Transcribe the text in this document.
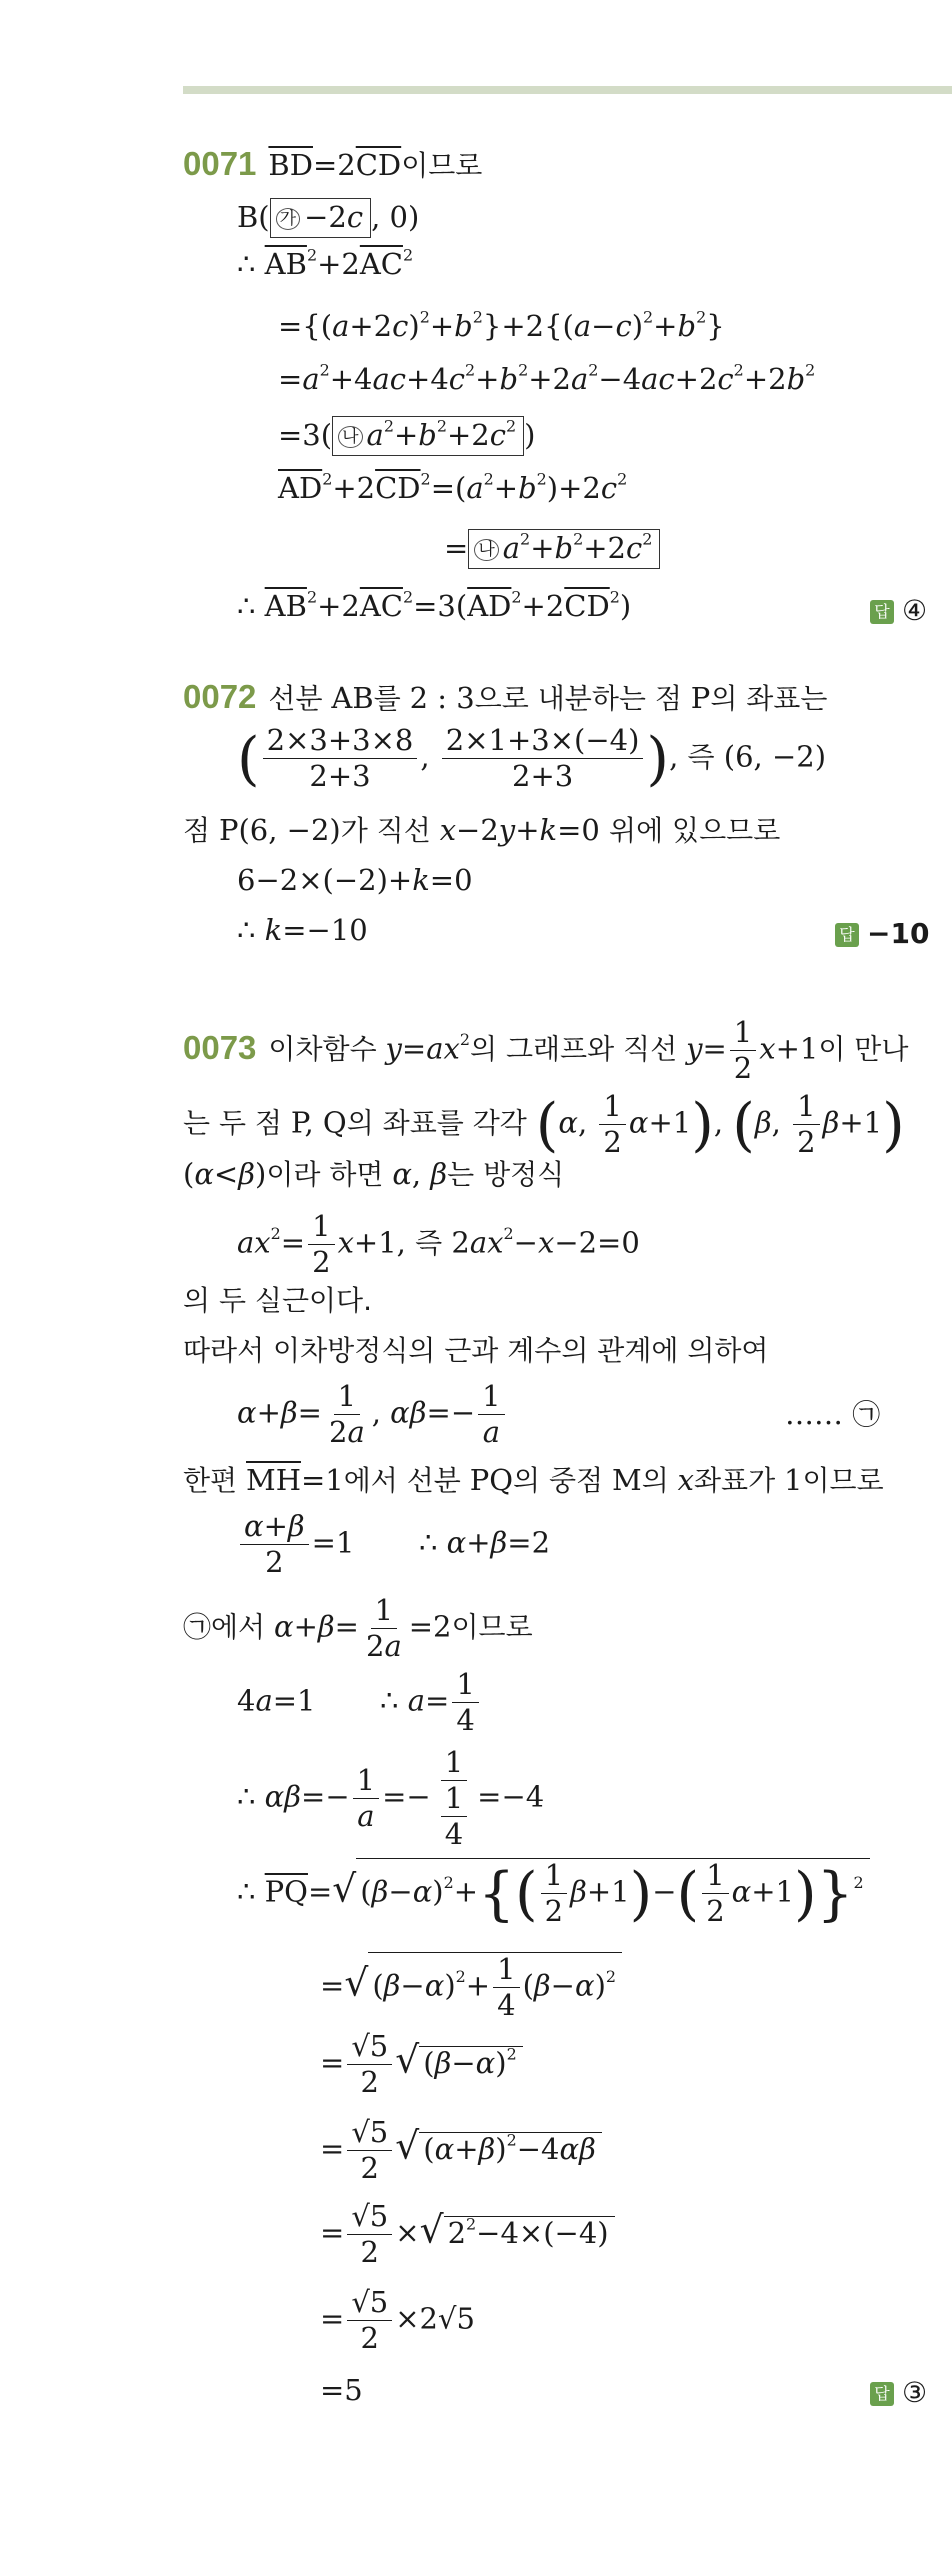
0071 $\overline{BD}=2\overline{CD}$이므로
B( 가 −2c , 0)
∴ $\overline{AB}^2+2\overline{AC}^2$
$=\{(a+2c)^2+b^2\}+2\{(a-c)^2+b^2\}$
$=a^2+4ac+4c^2+b^2+2a^2-4ac+2c^2+2b^2$
=3( 나 $a^2+b^2+2c^2$ )
$\overline{AD}^2+2\overline{CD}^2=(a^2+b^2)+2c^2$
= 나 $a^2+b^2+2c^2$
∴ $\overline{AB}^2+2\overline{AC}^2=3(\overline{AD}^2+2\overline{CD}^2)$	답 ④
0072 선분 AB를 2 : 3으로 내분하는 점 P의 좌표는
( $\frac{2\times 3+3\times 8}{2+3}$ , $\frac{2\times 1+3\times(-4)}{2+3}$ ), 즉 (6, −2)
점 P(6, −2)가 직선 x−2y+k=0 위에 있으므로
6−2×(−2)+k=0
∴ k=−10	답 −10
0073 이차함수 $y=ax^2$의 그래프와 직선 $y= \frac{1}{2} x+1$이 만나
는 두 점 P, Q의 좌표를 각각 (α, $\frac{1}{2} \alpha+1$), (β, $\frac{1}{2} \beta+1$)
(α<β)이라 하면 α, β는 방정식
$ax^2= \frac{1}{2} x+1$, 즉 $2ax^2-x-2=0$
의 두 실근이다.
따라서 이차방정식의 근과 계수의 관계에 의하여
$\alpha+\beta= \frac{1}{2a}$ , $\alpha\beta=- \frac{1}{a}$	…… ㉠
한편 $\overline{MH}=1$에서 선분 PQ의 중점 M의 x좌표가 1이므로
$\frac{\alpha+\beta}{2} =1$       ∴ α+β=2
㉠에서 $\alpha+\beta= \frac{1}{2a} =2$이므로
4a=1       ∴ $a= \frac{1}{4}$
∴ $\alpha\beta=- \frac{1}{a} =- \frac{1}{\frac{1}{4}} =-4$
∴ $\overline{PQ}=√$ $(\beta-\alpha)^2+\{( \frac{1}{2} \beta+1)-( \frac{1}{2} \alpha+1)\}^2$
=√ $(\beta-\alpha)^2+ \frac{1}{4} (\beta-\alpha)^2$
= $\frac{√5}{2}$ √ $(\beta-\alpha)^2$
= $\frac{√5}{2}$ √ $(\alpha+\beta)^2-4\alpha\beta$
= $\frac{√5}{2}$ ×√ $2^2-4\times(-4)$
= $\frac{√5}{2} \times 2√5$
=5	답 ③
